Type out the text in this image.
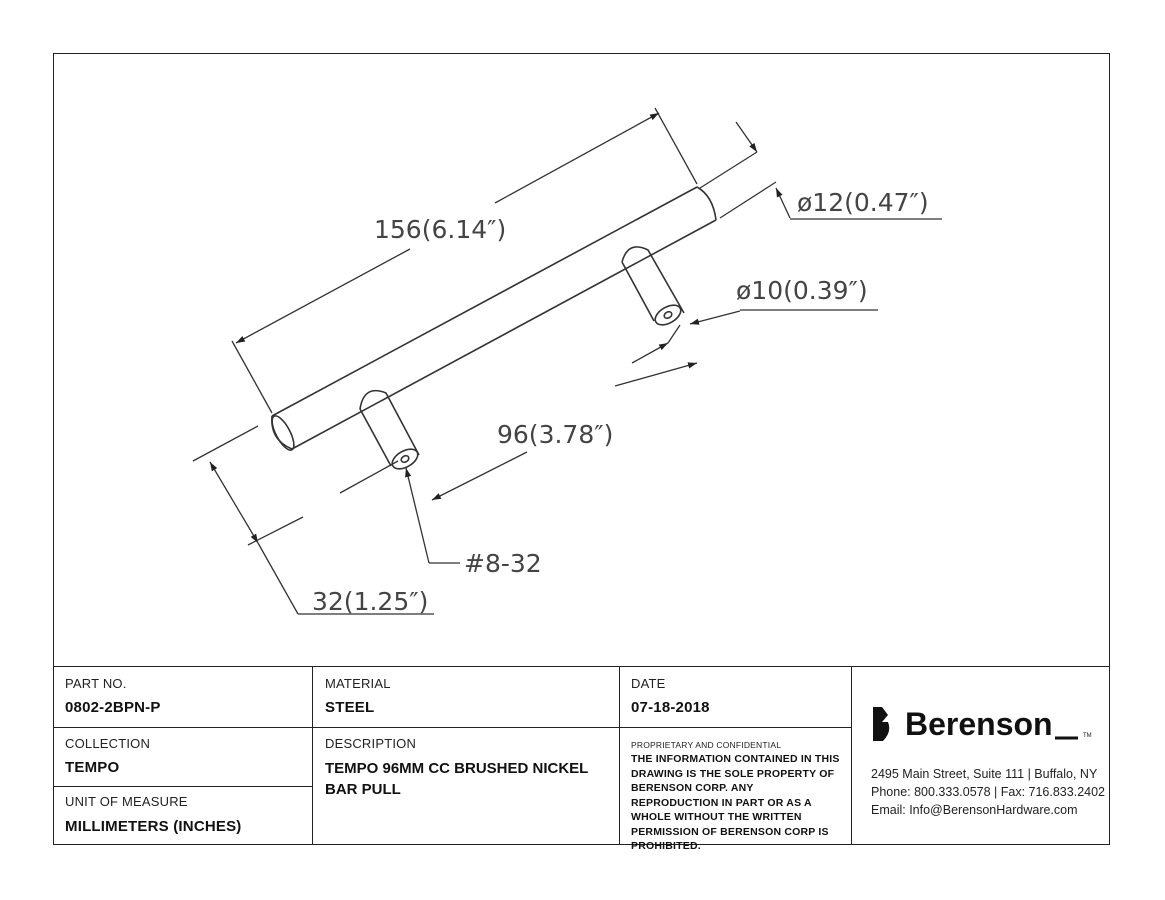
156(6.14″)
ø12(0.47″)
ø10(0.39″)
96(3.78″)
#8-32
32(1.25″)
PART NO.
0802-2BPN-P
MATERIAL
STEEL
DATE
07-18-2018
COLLECTION
TEMPO
UNIT OF MEASURE
MILLIMETERS (INCHES)
DESCRIPTION
TEMPO 96MM CC BRUSHED NICKEL BAR PULL
PROPRIETARY AND CONFIDENTIAL
THE INFORMATION CONTAINED IN THIS DRAWING IS THE SOLE PROPERTY OF BERENSON CORP. ANY REPRODUCTION IN PART OR AS A WHOLE WITHOUT THE WRITTEN PERMISSION OF BERENSON CORP IS PROHIBITED.
Berenson	TM
2495 Main Street, Suite 111 | Buffalo, NY
Phone: 800.333.0578 | Fax: 716.833.2402
Email: Info@BerensonHardware.com
